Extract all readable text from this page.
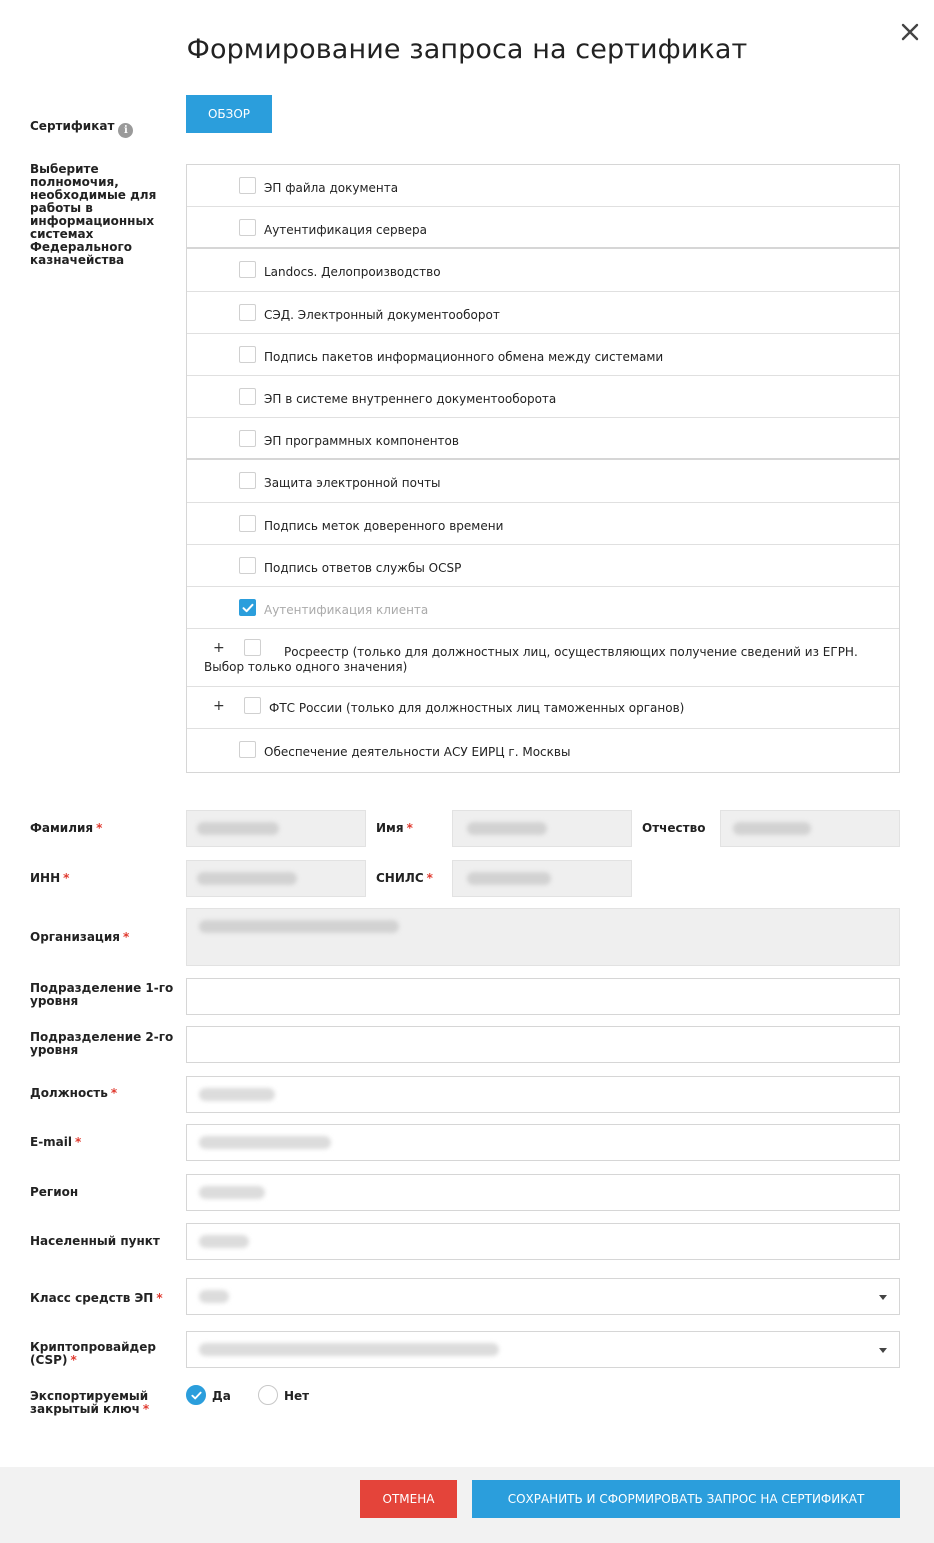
Формирование запроса на сертификат
Сертификат i
ОБЗОР
Выберите полномочия, необходимые для работы в информационных системах Федерального казначейства
ЭП файла документа
Аутентификация сервера
Landocs. Делопроизводство
СЭД. Электронный документооборот
Подпись пакетов информационного обмена между системами
ЭП в системе внутреннего документооборота
ЭП программных компонентов
Защита электронной почты
Подпись меток доверенного времени
Подпись ответов службы OCSP
Аутентификация клиента
+	Росреестр (только для должностных лиц, осуществляющих получение сведений из ЕГРН. Выбор только одного значения)
+	ФТС России (только для должностных лиц таможенных органов)
Обеспечение деятельности АСУ ЕИРЦ г. Москвы
Фамилия *	Имя *	Отчество
ИНН *	СНИЛС *
Организация *
Подразделение 1-го уровня
Подразделение 2-го уровня
Должность *
E-mail *
Регион
Населенный пункт
Класс средств ЭП *
Криптопровайдер (CSP) *
Экспортируемый закрытый ключ *
Да	Нет
ОТМЕНА	СОХРАНИТЬ И СФОРМИРОВАТЬ ЗАПРОС НА СЕРТИФИКАТ
